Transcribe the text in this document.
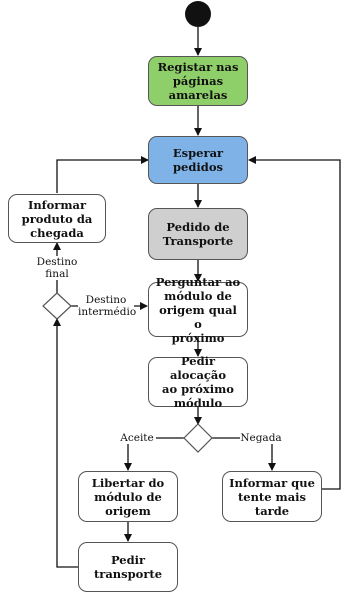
Registar nas
páginas
amarelas
Esperar
pedidos
Pedido de
Transporte
Perguntar ao
módulo de
origem qual o
próximo
Pedir alocação
ao próximo
módulo
Informar
produto da
chegada
Libertar do
módulo de
origem
Pedir
transporte
Informar que
tente mais
tarde
Destino
final
Destino
intermédio
Aceite	Negada
